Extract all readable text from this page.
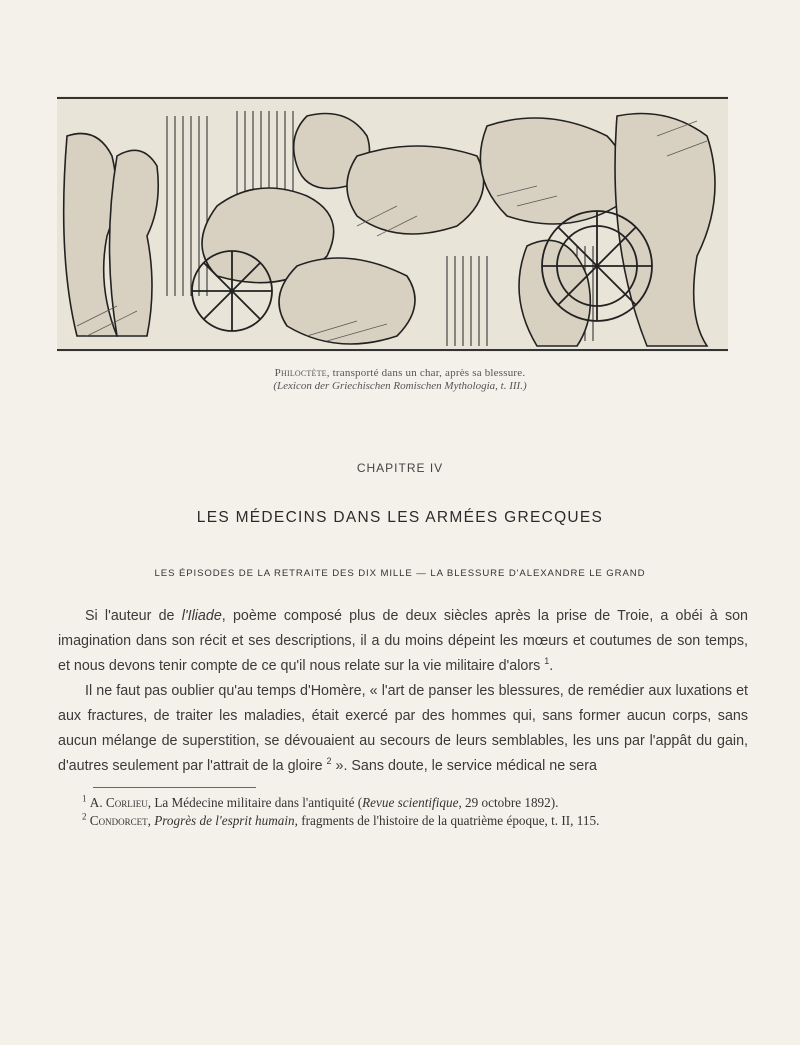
Philoctète, transporté dans un char, après sa blessure.
(Lexicon der Griechischen Romischen Mythologia, t. III.)
CHAPITRE IV
LES MÉDECINS DANS LES ARMÉES GRECQUES
LES ÉPISODES DE LA RETRAITE DES DIX MILLE — LA BLESSURE D'ALEXANDRE LE GRAND
Si l'auteur de l'Iliade, poème composé plus de deux siècles après la prise de Troie, a obéi à son imagination dans son récit et ses descriptions, il a du moins dépeint les mœurs et coutumes de son temps, et nous devons tenir compte de ce qu'il nous relate sur la vie militaire d'alors $^1$.
Il ne faut pas oublier qu'au temps d'Homère, « l'art de panser les blessures, de remédier aux luxations et aux fractures, de traiter les maladies, était exercé par des hommes qui, sans former aucun corps, sans aucun mélange de superstition, se dévouaient au secours de leurs semblables, les uns par l'appât du gain, d'autres seulement par l'attrait de la gloire $^2$ ». Sans doute, le service médical ne sera

$^1$ A. Corlieu, La Médecine militaire dans l'antiquité (Revue scientifique, 29 octobre 1892).

$^2$ Condorcet, Progrès de l'esprit humain, fragments de l'histoire de la quatrième époque, t. II, 115.
